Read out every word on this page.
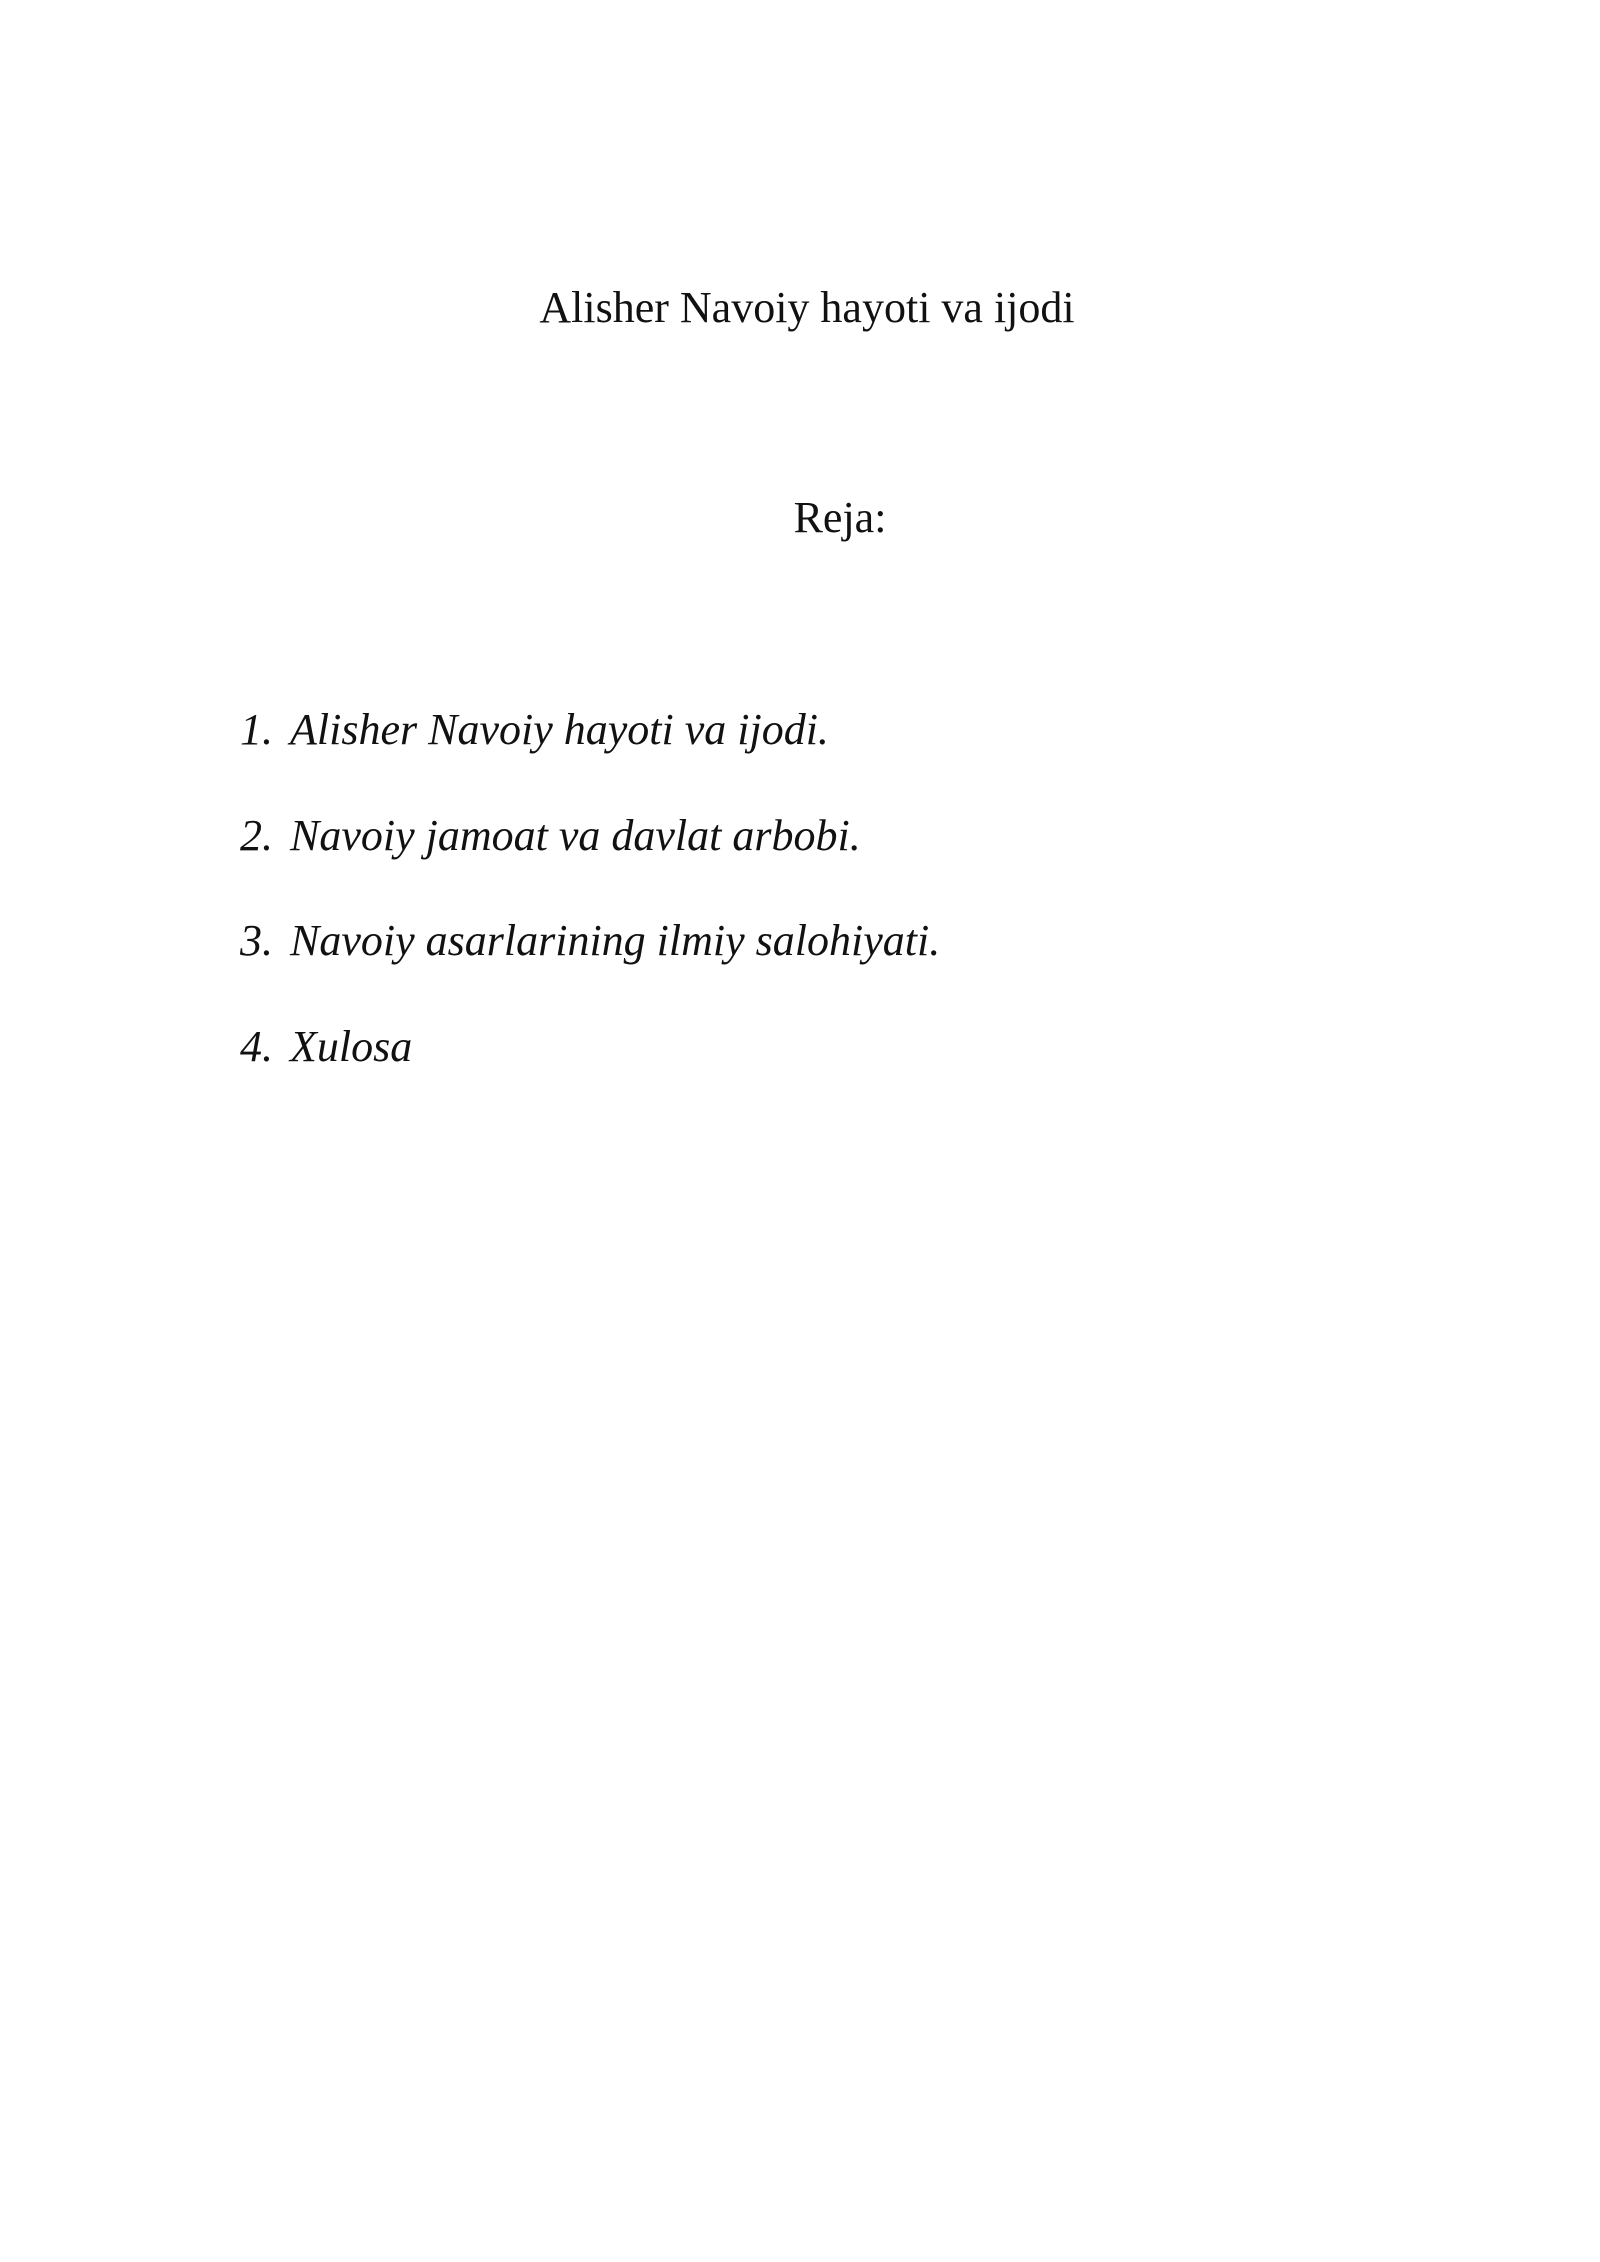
Alisher Navoiy hayoti va ijodi

Reja:

1. Alisher Navoiy hayoti va ijodi.
2. Navoiy jamoat va davlat arbobi.
3. Navoiy asarlarining ilmiy salohiyati.
4. Xulosa
